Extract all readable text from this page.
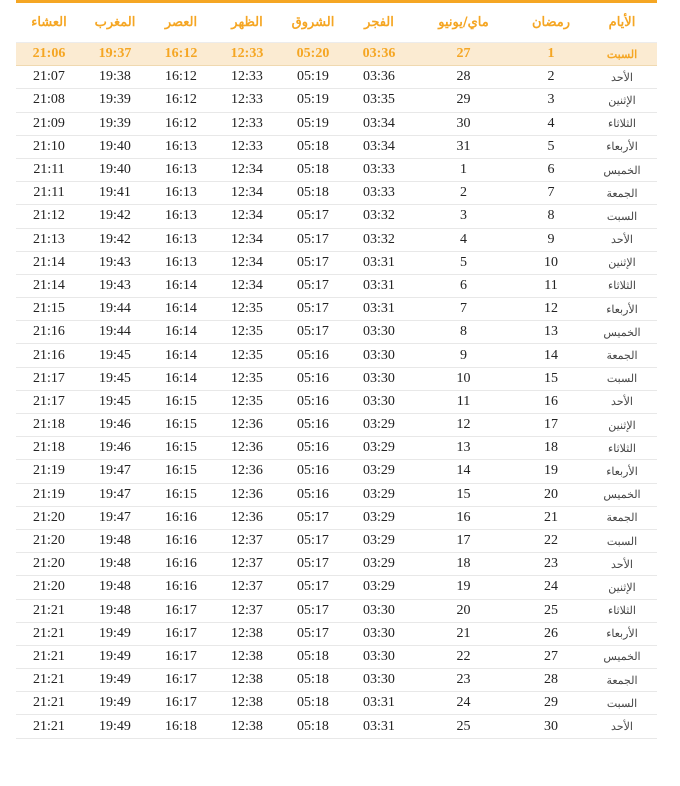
الأيام	رمضان	ماي/يونيو	الفجر	الشروق	الظهر	العصر	المغرب	العشاء
السبت	1	27	03:36	05:20	12:33	16:12	19:37	21:06
الأحد	2	28	03:36	05:19	12:33	16:12	19:38	21:07
الإثنين	3	29	03:35	05:19	12:33	16:12	19:39	21:08
الثلاثاء	4	30	03:34	05:19	12:33	16:12	19:39	21:09
الأربعاء	5	31	03:34	05:18	12:33	16:13	19:40	21:10
الخميس	6	1	03:33	05:18	12:34	16:13	19:40	21:11
الجمعة	7	2	03:33	05:18	12:34	16:13	19:41	21:11
السبت	8	3	03:32	05:17	12:34	16:13	19:42	21:12
الأحد	9	4	03:32	05:17	12:34	16:13	19:42	21:13
الإثنين	10	5	03:31	05:17	12:34	16:13	19:43	21:14
الثلاثاء	11	6	03:31	05:17	12:34	16:14	19:43	21:14
الأربعاء	12	7	03:31	05:17	12:35	16:14	19:44	21:15
الخميس	13	8	03:30	05:17	12:35	16:14	19:44	21:16
الجمعة	14	9	03:30	05:16	12:35	16:14	19:45	21:16
السبت	15	10	03:30	05:16	12:35	16:14	19:45	21:17
الأحد	16	11	03:30	05:16	12:35	16:15	19:45	21:17
الإثنين	17	12	03:29	05:16	12:36	16:15	19:46	21:18
الثلاثاء	18	13	03:29	05:16	12:36	16:15	19:46	21:18
الأربعاء	19	14	03:29	05:16	12:36	16:15	19:47	21:19
الخميس	20	15	03:29	05:16	12:36	16:15	19:47	21:19
الجمعة	21	16	03:29	05:17	12:36	16:16	19:47	21:20
السبت	22	17	03:29	05:17	12:37	16:16	19:48	21:20
الأحد	23	18	03:29	05:17	12:37	16:16	19:48	21:20
الإثنين	24	19	03:29	05:17	12:37	16:16	19:48	21:20
الثلاثاء	25	20	03:30	05:17	12:37	16:17	19:48	21:21
الأربعاء	26	21	03:30	05:17	12:38	16:17	19:49	21:21
الخميس	27	22	03:30	05:18	12:38	16:17	19:49	21:21
الجمعة	28	23	03:30	05:18	12:38	16:17	19:49	21:21
السبت	29	24	03:31	05:18	12:38	16:17	19:49	21:21
الأحد	30	25	03:31	05:18	12:38	16:18	19:49	21:21
